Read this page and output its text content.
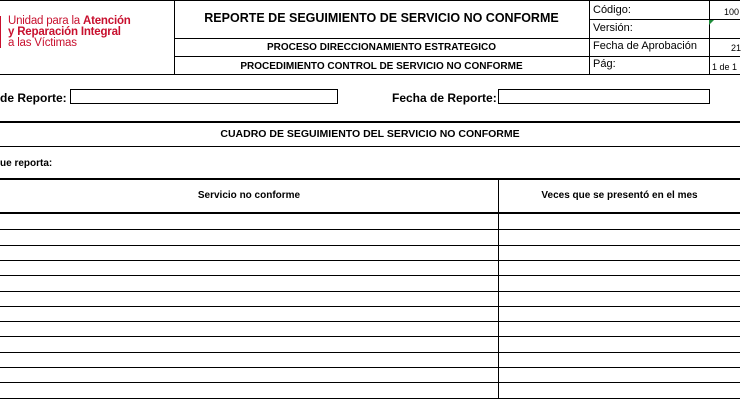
Unidad para la Atención
y Reparación Integral
a las Víctimas
REPORTE DE SEGUIMIENTO DE SERVICIO NO CONFORME
PROCESO DIRECCIONAMIENTO ESTRATEGICO
PROCEDIMIENTO CONTROL DE SERVICIO NO CONFORME
Código:
Versión:
Fecha de Aprobación
Pág:
100
21
1 de 1
de Reporte:	Fecha de Reporte:
CUADRO DE SEGUIMIENTO DEL SERVICIO NO CONFORME
ue reporta:
Servicio no conforme	Veces que se presentó en el mes
